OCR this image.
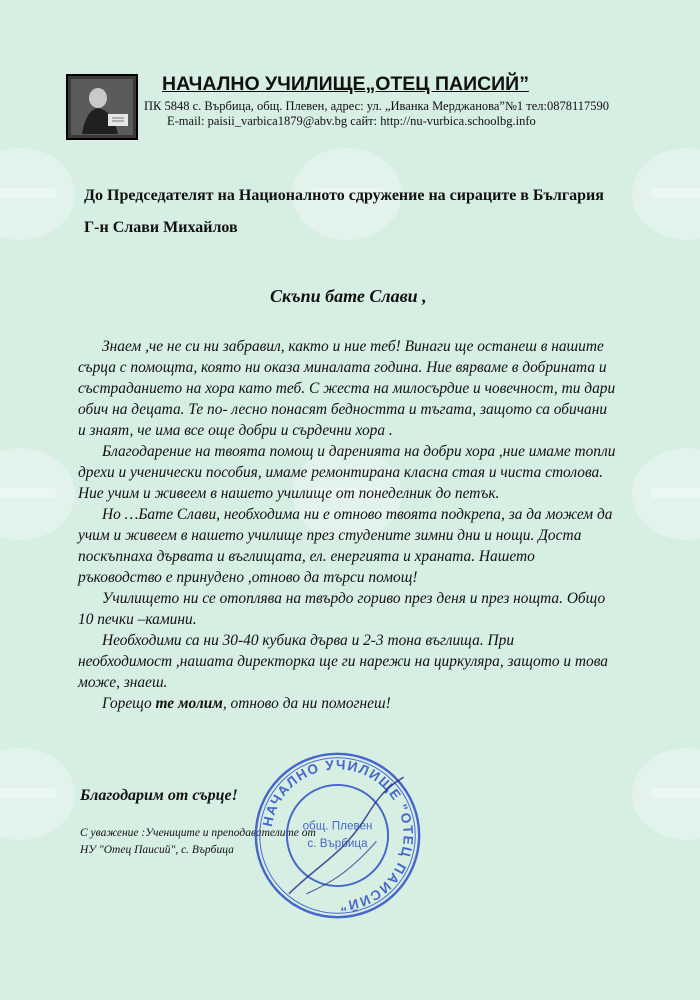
НАЧАЛНО УЧИЛИЩЕ„ОТЕЦ ПАИСИЙ”
ПК 5848 с. Върбица, общ. Плевен, адрес: ул. „Иванка Мерджанова”№1 тел:0878117590
E-mail: paisii_varbica1879@abv.bg сайт: http://nu-vurbica.schoolbg.info
До Председателят на Националното сдружение на сираците в България
Г-н Слави Михайлов
Скъпи бате Слави ,

Знаем ,че не си ни забравил, както и ние теб! Винаги ще останеш в нашите
сърца с помощта, която ни оказа миналата година. Ние вярваме в добрината и
състраданието на хора като теб. С жеста на милосърдие и човечност, ти дари
обич на децата. Те по- лесно понасят бедността и тъгата, защото са обичани
и знаят, че има все още добри и сърдечни хора .

Благодарение на твоята помощ и даренията на добри хора ,ние имаме топли
дрехи и ученически пособия, имаме ремонтирана класна стая и чиста столова.
Ние учим и живеем в нашето училище от понеделник до петък.

Но …Бате Слави, необходима ни е отново твоята подкрепа, за да можем да
учим и живеем в нашето училище през студените зимни дни и нощи. Доста
поскъпнаха дървата и въглищата, ел. енергията и храната. Нашето
ръководство е принудено ,отново да търси помощ!

Училището ни се отоплява на твърдо гориво през деня и през нощта. Общо
10 печки –камини.

Необходими са ни 30-40 кубика дърва и 2-3 тона въглища. При
необходимост ,нашата директорка ще ги нарежи на циркуляра, защото и това
може, знаеш.

Горещо те молим, отново да ни помогнеш!

Благодарим от сърце!
С уважение :Учениците и преподавателите от
НУ "Отец Паисий", с. Върбица
НАЧАЛНО УЧИЛИЩЕ "ОТЕЦ ПАИСИЙ"
общ. Плевен
с. Върбица
